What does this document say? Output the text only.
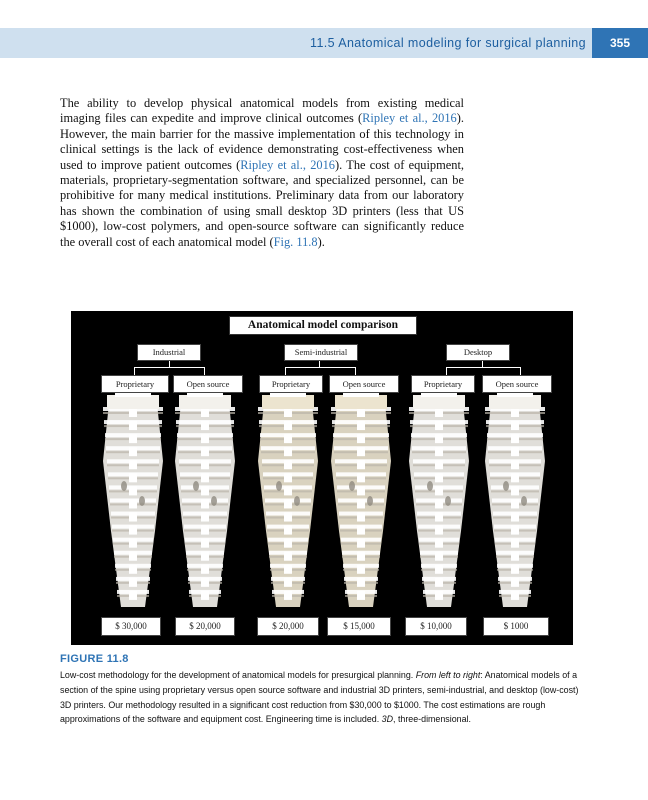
11.5 Anatomical modeling for surgical planning	355

The ability to develop physical anatomical models from existing medical imaging files can expedite and improve clinical outcomes (Ripley et al., 2016). However, the main barrier for the massive implementation of this technology in clinical settings is the lack of evidence demonstrating cost-effectiveness when used to improve patient outcomes (Ripley et al., 2016). The cost of equipment, materials, proprietary-segmentation software, and specialized personnel, can be prohibitive for many medical institutions. Preliminary data from our laboratory has shown the combination of using small desktop 3D printers (less that US $1000), low-cost polymers, and open-source software can significantly reduce the overall cost of each anatomical model (Fig. 11.8).

Anatomical model comparison
Industrial	Semi-industrial	Desktop
Proprietary	Open source	Proprietary	Open source	Proprietary	Open source
$ 30,000	$ 20,000	$ 20,000	$ 15,000	$ 10,000	$ 1000
FIGURE 11.8

Low-cost methodology for the development of anatomical models for presurgical planning. From left to right: Anatomical models of a section of the spine using proprietary versus open source software and industrial 3D printers, semi-industrial, and desktop (low-cost) 3D printers. Our methodology resulted in a significant cost reduction from $30,000 to $1000. The cost estimations are rough approximations of the software and equipment cost. Engineering time is included. 3D, three-dimensional.
